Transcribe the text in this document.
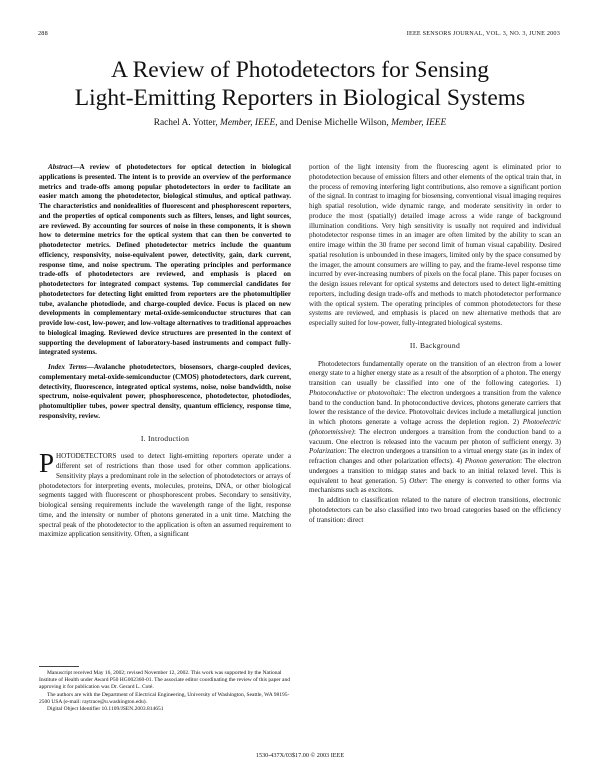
288	IEEE SENSORS JOURNAL, VOL. 3, NO. 3, JUNE 2003
A Review of Photodetectors for Sensing
Light-Emitting Reporters in Biological Systems
Rachel A. Yotter, Member, IEEE, and Denise Michelle Wilson, Member, IEEE

Abstract—A review of photodetectors for optical detection in biological applications is presented. The intent is to provide an overview of the performance metrics and trade-offs among popular photodetectors in order to facilitate an easier match among the photodetector, biological stimulus, and optical pathway. The characteristics and nonidealities of fluorescent and phosphorescent reporters, and the properties of optical components such as filters, lenses, and light sources, are reviewed. By accounting for sources of noise in these components, it is shown how to determine metrics for the optical system that can then be converted to photodetector metrics. Defined photodetector metrics include the quantum efficiency, responsivity, noise-equivalent power, detectivity, gain, dark current, response time, and noise spectrum. The operating principles and performance trade-offs of photodetectors are reviewed, and emphasis is placed on photodetectors for integrated compact systems. Top commercial candidates for photodetectors for detecting light emitted from reporters are the photomultiplier tube, avalanche photodiode, and charge-coupled device. Focus is placed on new developments in complementary metal-oxide-semiconductor structures that can provide low-cost, low-power, and low-voltage alternatives to traditional approaches to biological imaging. Reviewed device structures are presented in the context of supporting the development of laboratory-based instruments and compact fully-integrated systems.

Index Terms—Avalanche photodetectors, biosensors, charge-coupled devices, complementary metal-oxide-semiconductor (CMOS) photodetectors, dark current, detectivity, fluorescence, integrated optical systems, noise, noise bandwidth, noise spectrum, noise-equivalent power, phosphorescence, photodetector, photodiodes, photomultiplier tubes, power spectral density, quantum efficiency, response time, responsivity, review.

I. Introduction

PHOTODETECTORS used to detect light-emitting reporters operate under a different set of restrictions than those used for other common applications. Sensitivity plays a predominant role in the selection of photodetectors or arrays of photodetectors for interpreting events, molecules, proteins, DNA, or other biological segments tagged with fluorescent or phosphorescent probes. Secondary to sensitivity, biological sensing requirements include the wavelength range of the light, response time, and the intensity or number of photons generated in a unit time. Matching the spectral peak of the photodetector to the application is often an assumed requirement to maximize application sensitivity. Often, a significant

portion of the light intensity from the fluorescing agent is eliminated prior to photodetection because of emission filters and other elements of the optical train that, in the process of removing interfering light contributions, also remove a significant portion of the signal. In contrast to imaging for biosensing, conventional visual imaging requires high spatial resolution, wide dynamic range, and moderate sensitivity in order to produce the most (spatially) detailed image across a wide range of background illumination conditions. Very high sensitivity is usually not required and individual photodetector response times in an imager are often limited by the ability to scan an entire image within the 30 frame per second limit of human visual capability. Desired spatial resolution is unbounded in these imagers, limited only by the space consumed by the imager, the amount consumers are willing to pay, and the frame-level response time incurred by ever-increasing numbers of pixels on the focal plane. This paper focuses on the design issues relevant for optical systems and detectors used to detect light-emitting reporters, including design trade-offs and methods to match photodetector performance with the optical system. The operating principles of common photodetectors for these systems are reviewed, and emphasis is placed on new alternative methods that are especially suited for low-power, fully-integrated biological systems.

II. Background

Photodetectors fundamentally operate on the transition of an electron from a lower energy state to a higher energy state as a result of the absorption of a photon. The energy transition can usually be classified into one of the following categories. 1) Photoconductive or photovoltaic: The electron undergoes a transition from the valence band to the conduction band. In photoconductive devices, photons generate carriers that lower the resistance of the device. Photovoltaic devices include a metallurgical junction in which photons generate a voltage across the depletion region. 2) Photoelectric (photoemissive): The electron undergoes a transition from the conduction band to a vacuum. One electron is released into the vacuum per photon of sufficient energy. 3) Polarization: The electron undergoes a transition to a virtual energy state (as in index of refraction changes and other polarization effects). 4) Phonon generation: The electron undergoes a transition to midgap states and back to an initial relaxed level. This is equivalent to heat generation. 5) Other: The energy is converted to other forms via mechanisms such as excitons.

In addition to classification related to the nature of electron transitions, electronic photodetectors can be also classified into two broad categories based on the efficiency of transition: direct

Manuscript received May 16, 2002; revised November 12, 2002. This work was supported by the National Institute of Health under Award P50 HG002360-01. The associate editor coordinating the review of this paper and approving it for publication was Dr. Gerard L. Coté.

The authors are with the Department of Electrical Engineering, University of Washington, Seattle, WA 98195-2500 USA (e-mail: raytrace@u.washington.edu).

Digital Object Identifier 10.1109/JSEN.2003.814651

1530-437X/03$17.00 © 2003 IEEE
